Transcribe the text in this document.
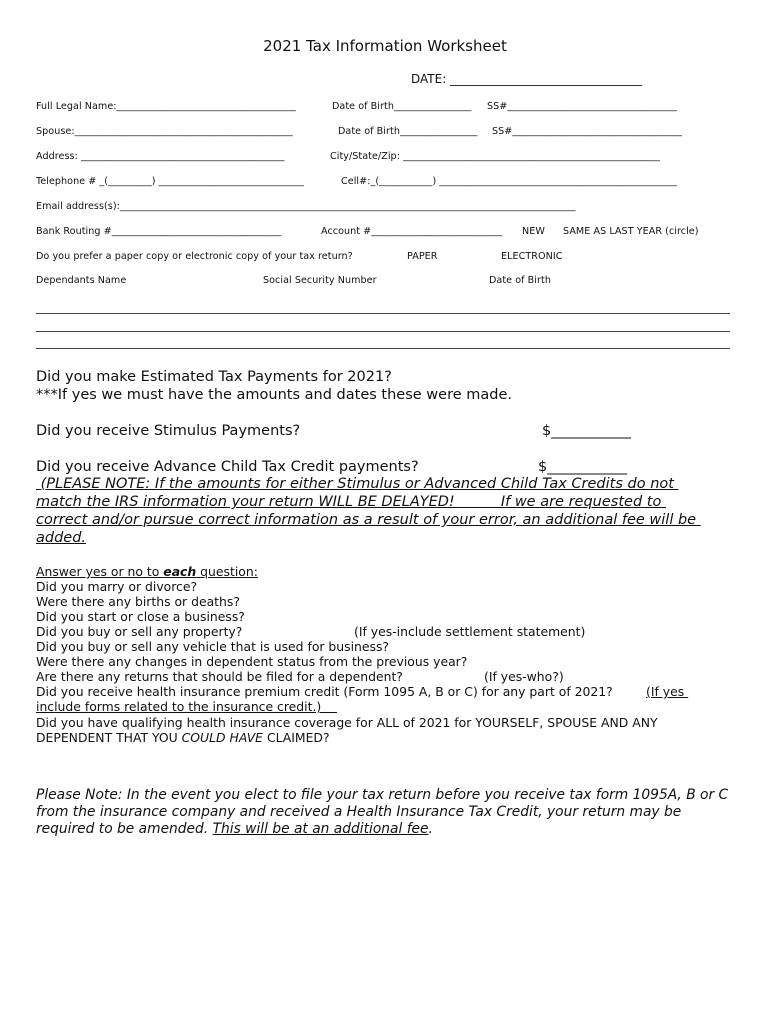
2021 Tax Information Worksheet
DATE: ________________________________
Full Legal Name:_____________________________________	Date of Birth________________ SS#___________________________________
Spouse:_____________________________________________	Date of Birth________________ SS#___________________________________
Address: __________________________________________	City/State/Zip: _____________________________________________________
Telephone # _(_________) ______________________________	Cell#:_(___________) _________________________________________________
Email address(s):______________________________________________________________________________________________
Bank Routing #___________________________________	Account #___________________________ NEW SAME AS LAST YEAR (circle)
Do you prefer a paper copy or electronic copy of your tax return?	PAPER	ELECTRONIC
Dependants Name	Social Security Number	Date of Birth
Did you make Estimated Tax Payments for 2021?
***If yes we must have the amounts and dates these were made.
Did you receive Stimulus Payments?	$___________
Did you receive Advance Child Tax Credit payments?	$___________
(PLEASE NOTE: If the amounts for either Stimulus or Advanced Child Tax Credits do not
match the IRS information your return WILL BE DELAYED!          If we are requested to
correct and/or pursue correct information as a result of your error, an additional fee will be
added.
Answer yes or no to each question:
Did you marry or divorce?
Were there any births or deaths?
Did you start or close a business?
Did you buy or sell any property?	(If yes-include settlement statement)
Did you buy or sell any vehicle that is used for business?
Were there any changes in dependent status from the previous year?
Are there any returns that should be filed for a dependent?	(If yes-who?)
Did you receive health insurance premium credit (Form 1095 A, B or C) for any part of 2021?	(If yes
include forms related to the insurance credit.)
Did you have qualifying health insurance coverage for ALL of 2021 for YOURSELF, SPOUSE AND ANY
DEPENDENT THAT YOU COULD HAVE CLAIMED?
Please Note: In the event you elect to file your tax return before you receive tax form 1095A, B or C
from the insurance company and received a Health Insurance Tax Credit, your return may be
required to be amended. This will be at an additional fee.
